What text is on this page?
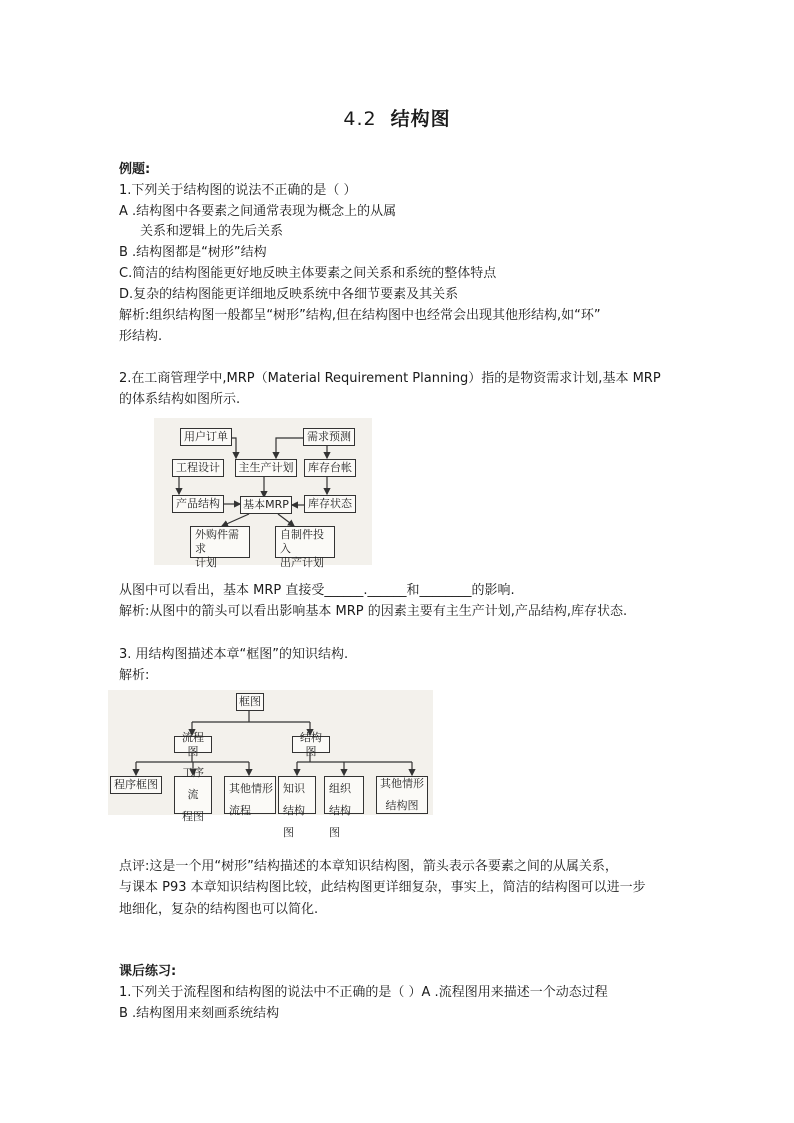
4.2 结构图
例题:
1.下列关于结构图的说法不正确的是（ ）
A .结构图中各要素之间通常表现为概念上的从属
关系和逻辑上的先后关系
B .结构图都是“树形”结构
C.简洁的结构图能更好地反映主体要素之间关系和系统的整体特点
D.复杂的结构图能更详细地反映系统中各细节要素及其关系
解析:组织结构图一般都呈“树形”结构,但在结构图中也经常会出现其他形结构,如“环”
形结构.
2.在工商管理学中,MRP（Material Requirement Planning）指的是物资需求计划,基本 MRP
的体系结构如图所示.
用户订单	需求预测
工程设计	主生产计划	库存台帐
产品结构	基本MRP	库存状态
外购件需求
计划
自制件投入
出产计划
从图中可以看出，基本 MRP 直接受______.______和________的影响.
解析:从图中的箭头可以看出影响基本 MRP 的因素主要有主生产计划,产品结构,库存状态.
3. 用结构图描述本章“框图”的知识结构.
解析:
框图
流程图
结构图
程序框图
工序流
程图
其他情形
流程
知识
结构图
组织
结构图
其他情形
结构图
点评:这是一个用“树形”结构描述的本章知识结构图，箭头表示各要素之间的从属关系，
与课本 P93 本章知识结构图比较，此结构图更详细复杂，事实上，简洁的结构图可以进一步
地细化，复杂的结构图也可以简化.
课后练习:
1.下列关于流程图和结构图的说法中不正确的是（ ）A .流程图用来描述一个动态过程
B .结构图用来刻画系统结构
